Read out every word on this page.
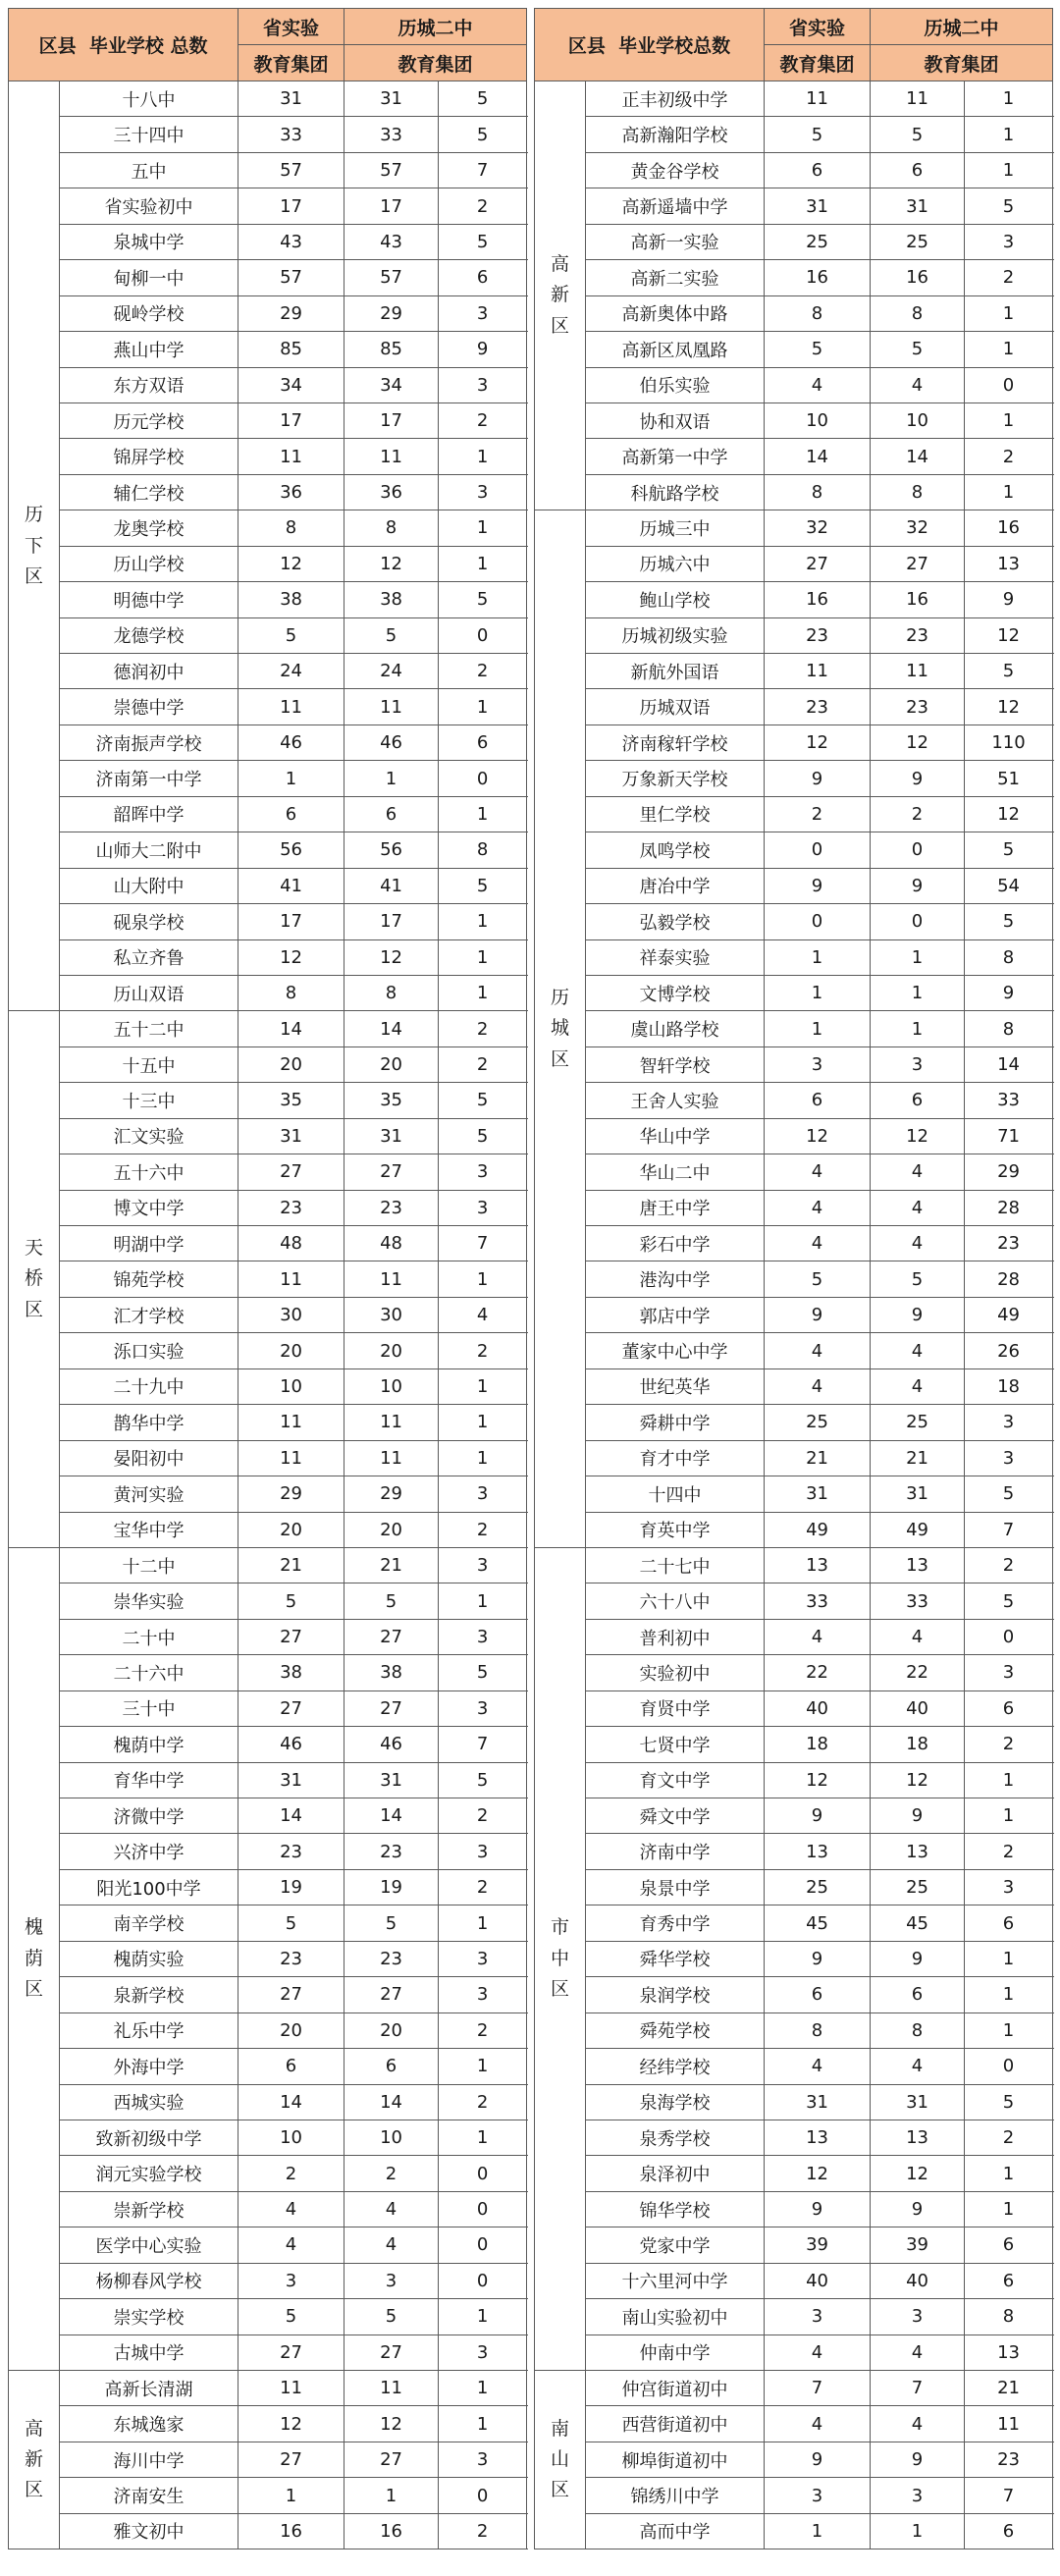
区县 毕业学校 总数		省实验	历城二中	
		教育集团	教育集团	

历下区	十八中	31	31	5
	三十四中	33	33	5
	五中	57	57	7
	省实验初中	17	17	2
	泉城中学	43	43	5
	甸柳一中	57	57	6
	砚岭学校	29	29	3
	燕山中学	85	85	9
	东方双语	34	34	3
	历元学校	17	17	2
	锦屏学校	11	11	1
	辅仁学校	36	36	3
	龙奥学校	8	8	1
	历山学校	12	12	1
	明德中学	38	38	5
	龙德学校	5	5	0
	德润初中	24	24	2
	崇德中学	11	11	1
	济南振声学校	46	46	6
	济南第一中学	1	1	0
	韶晖中学	6	6	1
	山师大二附中	56	56	8
	山大附中	41	41	5
	砚泉学校	17	17	1
	私立齐鲁	12	12	1
	历山双语	8	8	1

天桥区	五十二中	14	14	2
	十五中	20	20	2
	十三中	35	35	5
	汇文实验	31	31	5
	五十六中	27	27	3
	博文中学	23	23	3
	明湖中学	48	48	7
	锦苑学校	11	11	1
	汇才学校	30	30	4
	泺口实验	20	20	2
	二十九中	10	10	1
	鹊华中学	11	11	1
	晏阳初中	11	11	1
	黄河实验	29	29	3
	宝华中学	20	20	2

槐荫区	十二中	21	21	3
	崇华实验	5	5	1
	二十中	27	27	3
	二十六中	38	38	5
	三十中	27	27	3
	槐荫中学	46	46	7
	育华中学	31	31	5
	济微中学	14	14	2
	兴济中学	23	23	3
	阳光100中学	19	19	2
	南辛学校	5	5	1
	槐荫实验	23	23	3
	泉新学校	27	27	3
	礼乐中学	20	20	2
	外海中学	6	6	1
	西城实验	14	14	2
	致新初级中学	10	10	1
	润元实验学校	2	2	0
	崇新学校	4	4	0
	医学中心实验	4	4	0
	杨柳春风学校	3	3	0
	崇实学校	5	5	1
	古城中学	27	27	3

高新区	高新长清湖	11	11	1
	东城逸家	12	12	1
	海川中学	27	27	3
	济南安生	1	1	0
	雅文初中	16	16	2
区县 毕业学校总数		省实验	历城二中	
		教育集团	教育集团	

高新区	正丰初级中学	11	11	1
	高新瀚阳学校	5	5	1
	黄金谷学校	6	6	1
	高新遥墙中学	31	31	5
	高新一实验	25	25	3
	高新二实验	16	16	2
	高新奥体中路	8	8	1
	高新区凤凰路	5	5	1
	伯乐实验	4	4	0
	协和双语	10	10	1
	高新第一中学	14	14	2
	科航路学校	8	8	1

历城区	历城三中	32	32	16
	历城六中	27	27	13
	鲍山学校	16	16	9
	历城初级实验	23	23	12
	新航外国语	11	11	5
	历城双语	23	23	12
	济南稼轩学校	12	12	110
	万象新天学校	9	9	51
	里仁学校	2	2	12
	凤鸣学校	0	0	5
	唐冶中学	9	9	54
	弘毅学校	0	0	5
	祥泰实验	1	1	8
	文博学校	1	1	9
	虞山路学校	1	1	8
	智轩学校	3	3	14
	王舍人实验	6	6	33
	华山中学	12	12	71
	华山二中	4	4	29
	唐王中学	4	4	28
	彩石中学	4	4	23
	港沟中学	5	5	28
	郭店中学	9	9	49
	董家中心中学	4	4	26
	世纪英华	4	4	18
	舜耕中学	25	25	3
	育才中学	21	21	3
	十四中	31	31	5
	育英中学	49	49	7

市中区	二十七中	13	13	2
	六十八中	33	33	5
	普利初中	4	4	0
	实验初中	22	22	3
	育贤中学	40	40	6
	七贤中学	18	18	2
	育文中学	12	12	1
	舜文中学	9	9	1
	济南中学	13	13	2
	泉景中学	25	25	3
	育秀中学	45	45	6
	舜华学校	9	9	1
	泉润学校	6	6	1
	舜苑学校	8	8	1
	经纬学校	4	4	0
	泉海学校	31	31	5
	泉秀学校	13	13	2
	泉泽初中	12	12	1
	锦华学校	9	9	1
	党家中学	39	39	6
	十六里河中学	40	40	6
	南山实验初中	3	3	8
	仲南中学	4	4	13

南山区	仲宫街道初中	7	7	21
	西营街道初中	4	4	11
	柳埠街道初中	9	9	23
	锦绣川中学	3	3	7
	高而中学	1	1	6
